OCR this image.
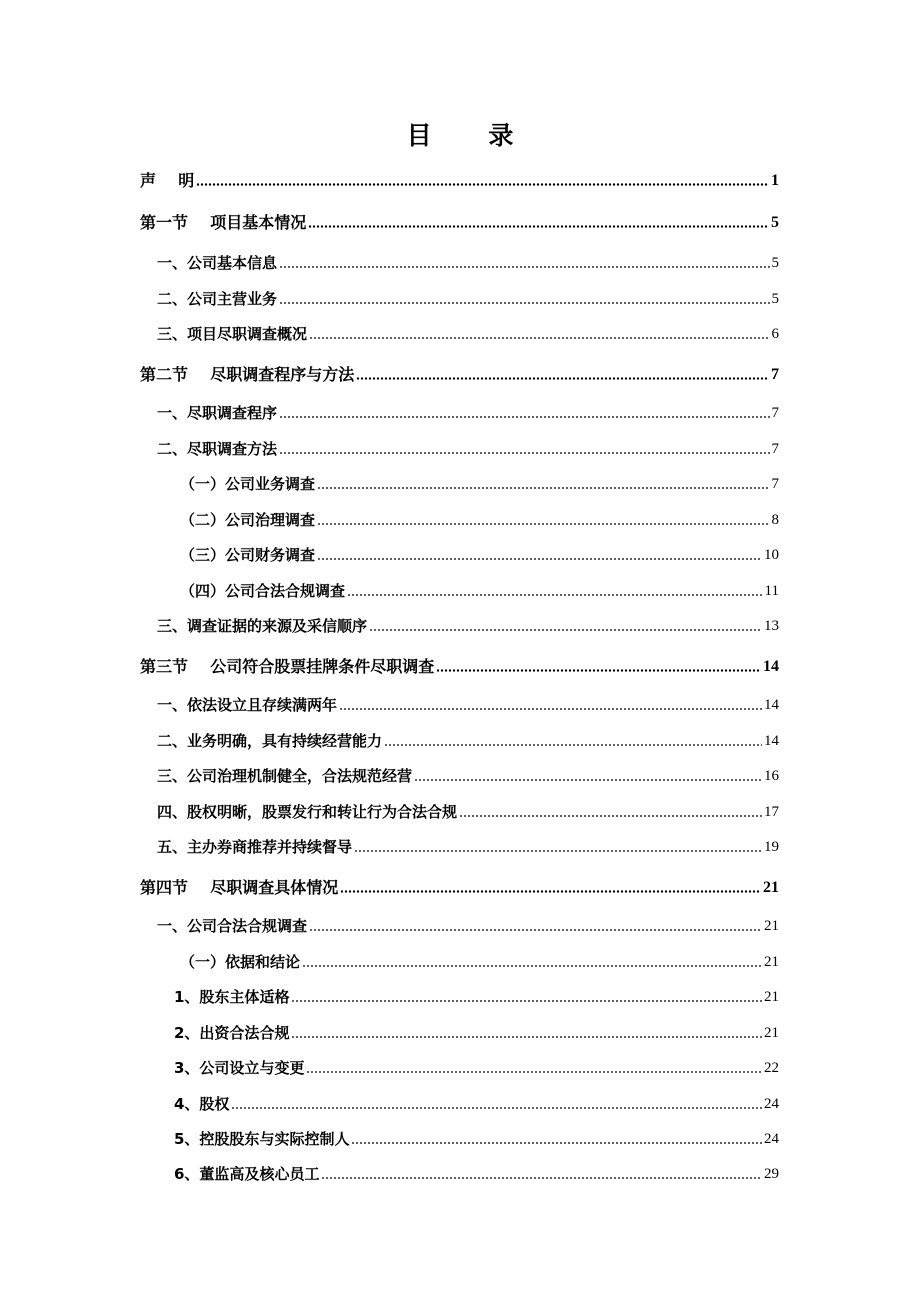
目 录
声    明	1
第一节    项目基本情况	5
一、公司基本信息	5
二、公司主营业务	5
三、项目尽职调查概况	6
第二节    尽职调查程序与方法	7
一、尽职调查程序	7
二、尽职调查方法	7
（一）公司业务调查	7
（二）公司治理调查	8
（三）公司财务调查	10
（四）公司合法合规调查	11
三、调查证据的来源及采信顺序	13
第三节    公司符合股票挂牌条件尽职调查	14
一、依法设立且存续满两年	14
二、业务明确，具有持续经营能力	14
三、公司治理机制健全，合法规范经营	16
四、股权明晰，股票发行和转让行为合法合规	17
五、主办券商推荐并持续督导	19
第四节    尽职调查具体情况	21
一、公司合法合规调查	21
（一）依据和结论	21
1、股东主体适格	21
2、出资合法合规	21
3、公司设立与变更	22
4、股权	24
5、控股股东与实际控制人	24
6、董监高及核心员工	29
